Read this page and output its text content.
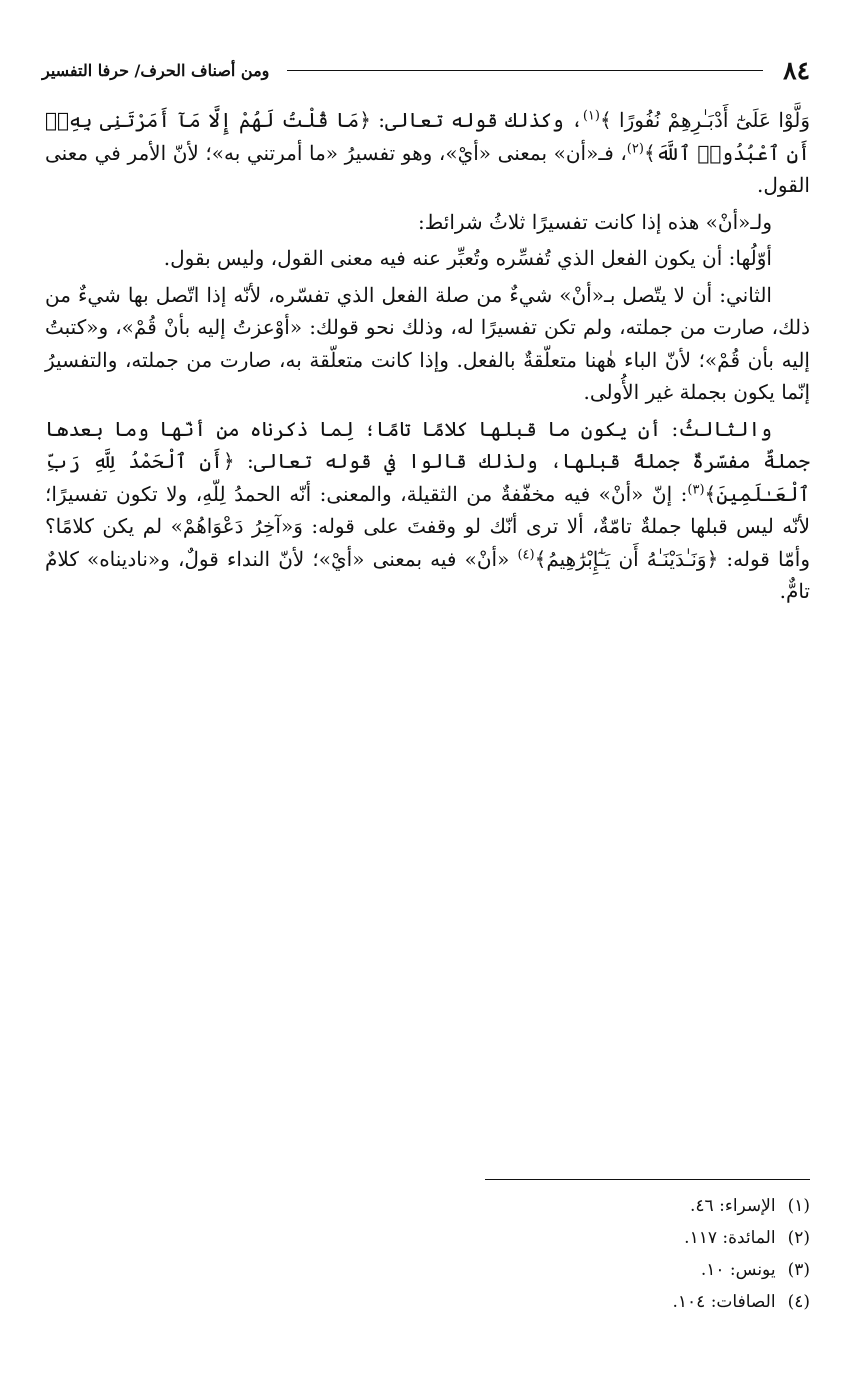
٨٤
ومن أصناف الحرف/ حرفا التفسير

وَلَّوْا عَلَىٰٓ أَدْبَـٰرِهِمْ نُفُورًا ﴾$^{(١)}$، وكذلك قوله تعالى: ﴿مَا قُلْتُ لَهُمْ إِلَّا مَآ أَمَرْتَنِى بِهِۦٓ أَنِ ٱعْبُدُوا۟ ٱللَّهَ﴾$^{(٢)}$، فـ«أن» بمعنى «أيْ»، وهو تفسيرُ «ما أمرتني به»؛ لأنّ الأمر في معنى القول.

ولـ«أنْ» هذه إذا كانت تفسيرًا ثلاثُ شرائط:

أوّلُها: أن يكون الفعل الذي تُفسِّره وتُعبِّر عنه فيه معنى القول، وليس بقول.

الثاني: أن لا يتّصل بـ«أنْ» شيءٌ من صلة الفعل الذي تفسّره، لأنّه إذا اتّصل بها شيءٌ من ذلك، صارت من جملته، ولم تكن تفسيرًا له، وذلك نحو قولك: «أوْعزتُ إليه بأنْ قُمْ»، و«كتبتُ إليه بأن قُمْ»؛ لأنّ الباء هٰهنا متعلّقةٌ بالفعل. وإذا كانت متعلّقة به، صارت من جملته، والتفسيرُ إنّما يكون بجملة غير الأُولى.

والثالثُ: أن يكون ما قبلها كلامًا تامًا؛ لِما ذكرناه من أنّها وما بعدها جملةٌ مفسّرةٌ جملةً قبلها، ولذلك قالوا في قوله تعالى: ﴿أَنِ ٱلْحَمْدُ لِلَّهِ رَبِّ ٱلْعَـٰلَمِينَ﴾$^{(٣)}$: إنّ «أنْ» فيه مخفّفةٌ من الثقيلة، والمعنى: أنّه الحمدُ لِلّهِ، ولا تكون تفسيرًا؛ لأنّه ليس قبلها جملةٌ تامّةٌ، ألا ترى أنّك لو وقفتَ على قوله: وَ«آخِرُ دَعْوَاهُمْ» لم يكن كلامًا؟ وأمّا قوله: ﴿وَنَـٰدَيْنَـٰهُ أَن يَـٰٓإِبْرَٰهِيمُ﴾$^{(٤)}$ «أنْ» فيه بمعنى «أيْ»؛ لأنّ النداء قولٌ، و«ناديناه» كلامٌ تامٌّ.

(١)
الإسراء: ٤٦.
(٢)
المائدة: ١١٧.
(٣)
يونس: ١٠.
(٤)
الصافات: ١٠٤.
